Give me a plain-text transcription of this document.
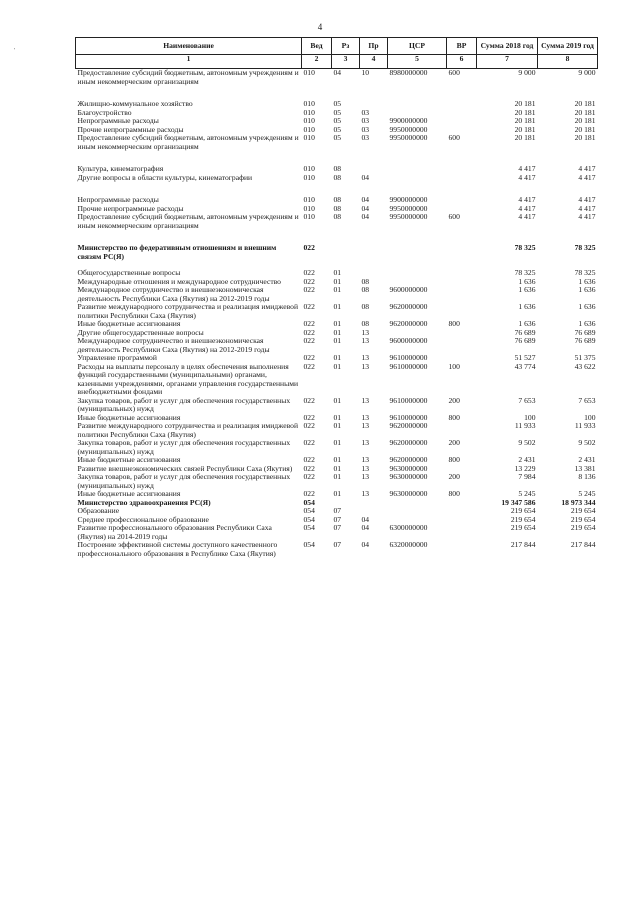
4
'
Наименование	Вед	Рз	Пр	ЦСР	ВР	Сумма 2018 год	Сумма 2019 год
1	2	3	4	5	6	7	8
Предоставление субсидий бюджетным, автономным учреждениям и иным некоммерческим организациям	010	04	10	8980000000	600	9 000	9 000

Жилищно-коммунальное хозяйство	010	05				20 181	20 181
Благоустройство	010	05	03			20 181	20 181
Непрограммные расходы	010	05	03	9900000000		20 181	20 181
Прочие непрограммные расходы	010	05	03	9950000000		20 181	20 181
Предоставление субсидий бюджетным, автономным учреждениям и иным некоммерческим организациям	010	05	03	9950000000	600	20 181	20 181

Культура, кинематография	010	08				4 417	4 417
Другие вопросы в области культуры, кинематографии	010	08	04			4 417	4 417

Непрограммные расходы	010	08	04	9900000000		4 417	4 417
Прочие непрограммные расходы	010	08	04	9950000000		4 417	4 417
Предоставление субсидий бюджетным, автономным учреждениям и иным некоммерческим организациям	010	08	04	9950000000	600	4 417	4 417

Министерство по федеративным отношениям и внешним связям РС(Я)	022					78 325	78 325

Общегосударственные вопросы	022	01				78 325	78 325
Международные отношения и международное сотрудничество	022	01	08			1 636	1 636
Международное сотрудничество и внешнеэкономическая деятельность Республики Саха (Якутия) на 2012-2019 годы	022	01	08	9600000000		1 636	1 636
Развитие международного сотрудничества и реализация имиджевой политики Республики Саха (Якутия)	022	01	08	9620000000		1 636	1 636
Иные бюджетные ассигнования	022	01	08	9620000000	800	1 636	1 636
Другие общегосударственные вопросы	022	01	13			76 689	76 689
Международное сотрудничество и внешнеэкономическая деятельность Республики Саха (Якутия) на 2012-2019 годы	022	01	13	9600000000		76 689	76 689
Управление программой	022	01	13	9610000000		51 527	51 375
Расходы на выплаты персоналу в целях обеспечения выполнения функций государственными (муниципальными) органами, казенными учреждениями, органами управления государственными внебюджетными фондами	022	01	13	9610000000	100	43 774	43 622
Закупка товаров, работ и услуг для обеспечения государственных (муниципальных) нужд	022	01	13	9610000000	200	7 653	7 653
Иные бюджетные ассигнования	022	01	13	9610000000	800	100	100
Развитие международного сотрудничества и реализация имиджевой политики Республики Саха (Якутия)	022	01	13	9620000000		11 933	11 933
Закупка товаров, работ и услуг для обеспечения государственных (муниципальных) нужд	022	01	13	9620000000	200	9 502	9 502
Иные бюджетные ассигнования	022	01	13	9620000000	800	2 431	2 431
Развитие внешнеэкономических связей Республики Саха (Якутия)	022	01	13	9630000000		13 229	13 381
Закупка товаров, работ и услуг для обеспечения государственных (муниципальных) нужд	022	01	13	9630000000	200	7 984	8 136
Иные бюджетные ассигнования	022	01	13	9630000000	800	5 245	5 245
Министерство здравоохранения РС(Я)	054					19 347 586	18 973 344
Образование	054	07				219 654	219 654
Среднее профессиональное образование	054	07	04			219 654	219 654
Развитие профессионального образования Республики Саха (Якутия) на 2014-2019 годы	054	07	04	6300000000		219 654	219 654
Построение эффективной системы доступного качественного профессионального образования в Республике Саха (Якутия)	054	07	04	6320000000		217 844	217 844
